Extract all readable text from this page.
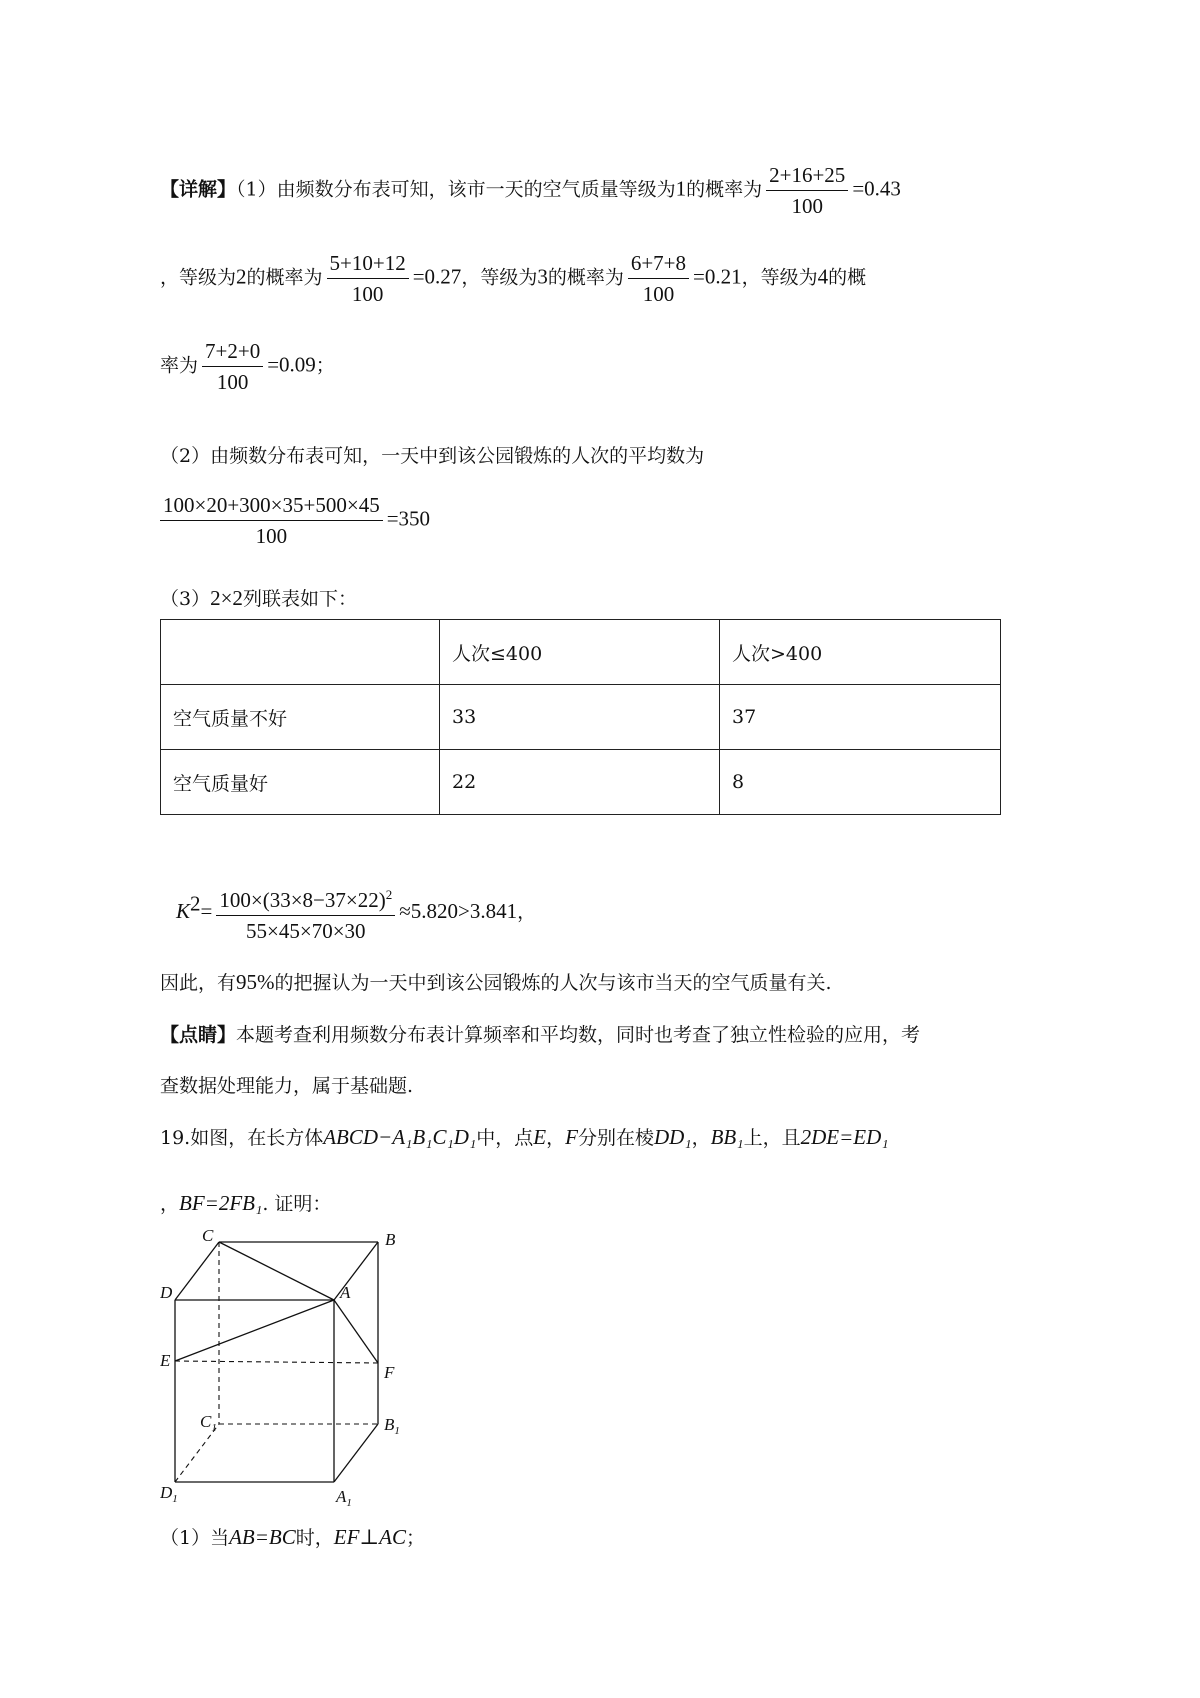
【详解】（1）由频数分布表可知，该市一天的空气质量等级为1的概率为 $\frac{2+16+25}{100} =0.43$
，等级为2的概率为 $\frac{5+10+12}{100} =0.27$，等级为3的概率为 $\frac{6+7+8}{100} =0.21$，等级为4的概
率为 $\frac{7+2+0}{100} =0.09$；
（2）由频数分布表可知，一天中到该公园锻炼的人次的平均数为
$\frac{100\times 20+300\times 35+500\times 45}{100} =350$
（3）2×2列联表如下：
	人次≤400	人次>400
空气质量不好	33	37
空气质量好	22	8
$K^2= \frac{100\times(33\times 8-37\times 22)^2}{55\times 45\times 70\times 30} \approx 5.820>3.841$，
因此，有95%的把握认为一天中到该公园锻炼的人次与该市当天的空气质量有关.
【点睛】本题考查利用频数分布表计算频率和平均数，同时也考查了独立性检验的应用，考
查数据处理能力，属于基础题.
19.如图，在长方体ABCD−A₁B₁C₁D₁中，点E，F分别在棱DD₁，BB₁上，且2DE=ED₁
，BF=2FB₁. 证明：
C	B
D	A
E
F
$C_1$	$B_1$
$D_1$	$A_1$
（1）当AB=BC时，EF⊥AC；
